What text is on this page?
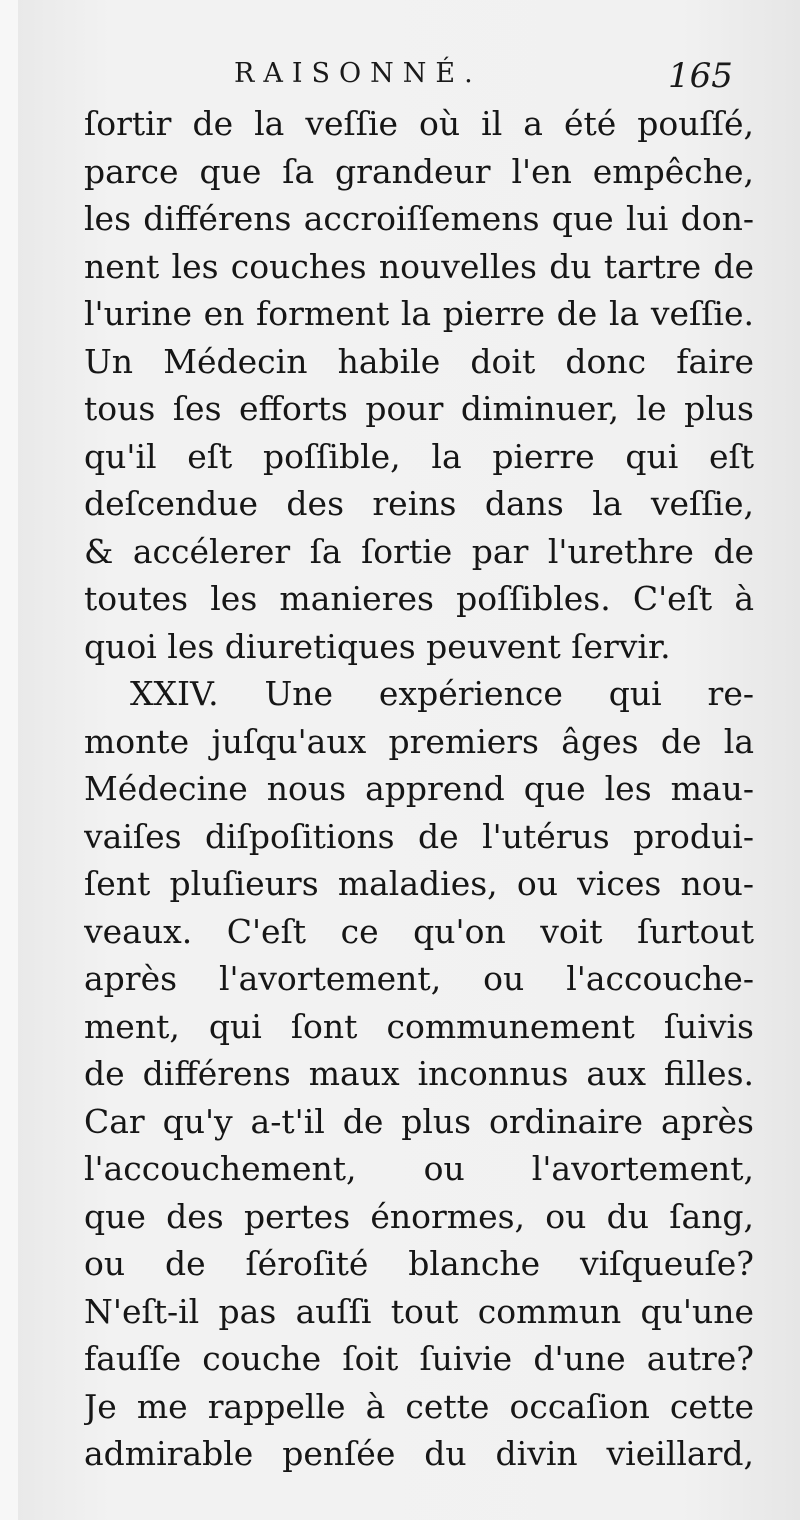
RAISONNÉ.	165
ſortir de la veſſie où il a été pouſſé,
parce que ſa grandeur l'en empêche,
les différens accroiſſemens que lui don-
nent les couches nouvelles du tartre de
l'urine en forment la pierre de la veſſie.
Un Médecin habile doit donc faire
tous ſes efforts pour diminuer, le plus
qu'il eſt poſſible, la pierre qui eſt
deſcendue des reins dans la veſſie,
& accélerer ſa ſortie par l'urethre de
toutes les manieres poſſibles. C'eſt à
quoi les diuretiques peuvent ſervir.
XXIV. Une expérience qui re-
monte juſqu'aux premiers âges de la
Médecine nous apprend que les mau-
vaiſes diſpoſitions de l'utérus produi-
ſent pluſieurs maladies, ou vices nou-
veaux. C'eſt ce qu'on voit ſurtout
après l'avortement, ou l'accouche-
ment, qui ſont communement ſuivis
de différens maux inconnus aux filles.
Car qu'y a-t'il de plus ordinaire après
l'accouchement, ou l'avortement,
que des pertes énormes, ou du ſang,
ou de ſéroſité blanche viſqueuſe?
N'eſt-il pas auſſi tout commun qu'une
fauſſe couche ſoit ſuivie d'une autre?
Je me rappelle à cette occaſion cette
admirable penſée du divin vieillard,
